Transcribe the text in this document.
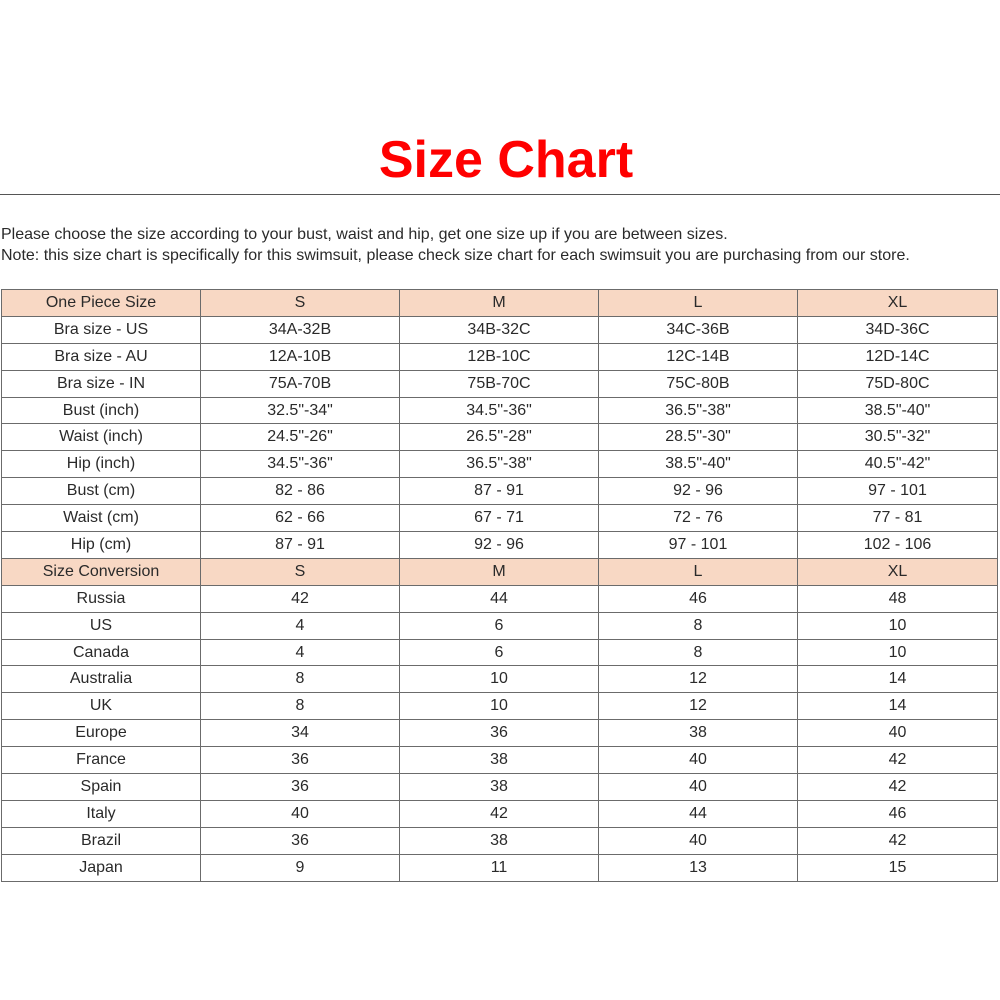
Size Chart
Please choose the size according to your bust, waist and hip, get one size up if you are between sizes.
Note: this size chart is specifically for this swimsuit, please check size chart for each swimsuit you are purchasing from our store.
One Piece Size	S	M	L	XL
Bra size - US	34A-32B	34B-32C	34C-36B	34D-36C
Bra size - AU	12A-10B	12B-10C	12C-14B	12D-14C
Bra size - IN	75A-70B	75B-70C	75C-80B	75D-80C
Bust (inch)	32.5"-34"	34.5"-36"	36.5"-38"	38.5"-40"
Waist (inch)	24.5"-26"	26.5"-28"	28.5"-30"	30.5"-32"
Hip (inch)	34.5"-36"	36.5"-38"	38.5"-40"	40.5"-42"
Bust (cm)	82 - 86	87 - 91	92 - 96	97 - 101
Waist (cm)	62 - 66	67 - 71	72 - 76	77 - 81
Hip (cm)	87 - 91	92 - 96	97 - 101	102 - 106
Size Conversion	S	M	L	XL
Russia	42	44	46	48
US	4	6	8	10
Canada	4	6	8	10
Australia	8	10	12	14
UK	8	10	12	14
Europe	34	36	38	40
France	36	38	40	42
Spain	36	38	40	42
Italy	40	42	44	46
Brazil	36	38	40	42
Japan	9	11	13	15
